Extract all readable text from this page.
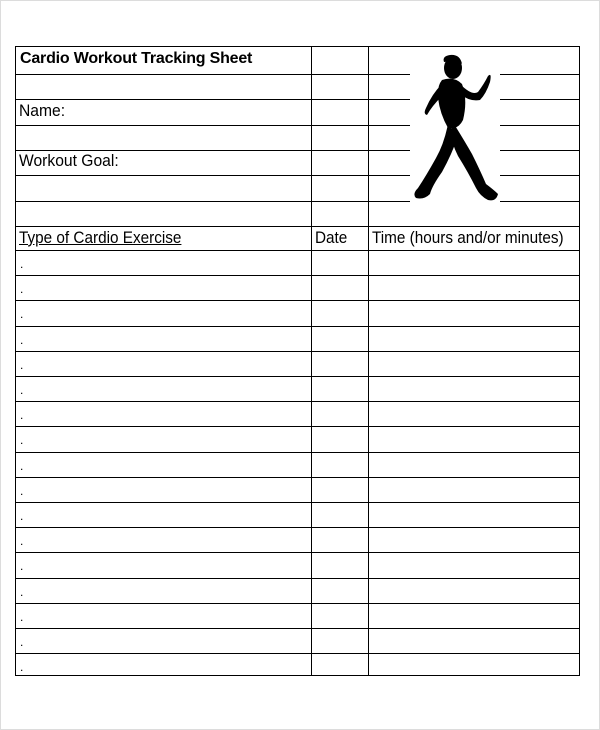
Cardio Workout Tracking Sheet
Name:
Workout Goal:
Type of Cardio Exercise	Date Time (hours and/or minutes)
.
.
.
.
.
.
.
.
.
.
.
.
.
.
.
.
.
